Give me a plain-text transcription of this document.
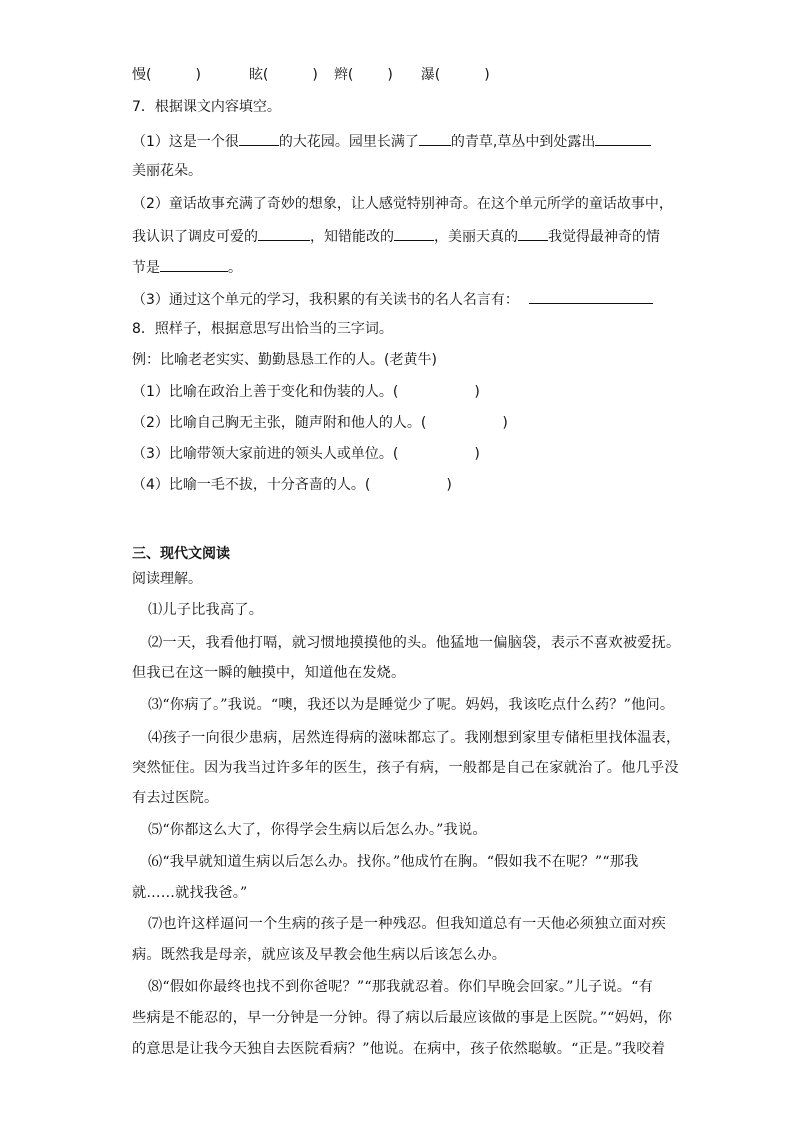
慢(	)	眩(	) 辫( ) 瀑(	)
7．根据课文内容填空。
（1）这是一个很	的大花园。园里长满了 的青草,草丛中到处露出
美丽花朵。
（2）童话故事充满了奇妙的想象，让人感觉特别神奇。在这个单元所学的童话故事中，
我认识了调皮可爱的	，知错能改的	，美丽天真的 我觉得最神奇的情
节是	。
（3）通过这个单元的学习，我积累的有关读书的名人名言有：
8．照样子，根据意思写出恰当的三字词。
例：比喻老老实实、勤勤恳恳工作的人。(老黄牛)
（1）比喻在政治上善于变化和伪装的人。(	)
（2）比喻自己胸无主张，随声附和他人的人。(	)
（3）比喻带领大家前进的领头人或单位。(	)
（4）比喻一毛不拔，十分吝啬的人。(	)
三、现代文阅读
阅读理解。
⑴儿子比我高了。
⑵一天，我看他打嗝，就习惯地摸摸他的头。他猛地一偏脑袋，表示不喜欢被爱抚。
但我已在这一瞬的触摸中，知道他在发烧。
⑶“你病了。”我说。“噢，我还以为是睡觉少了呢。妈妈，我该吃点什么药？”他问。
⑷孩子一向很少患病，居然连得病的滋味都忘了。我刚想到家里专储柜里找体温表，
突然怔住。因为我当过许多年的医生，孩子有病，一般都是自己在家就治了。他几乎没
有去过医院。
⑸“你都这么大了，你得学会生病以后怎么办。”我说。
⑹“我早就知道生病以后怎么办。找你。”他成竹在胸。“假如我不在呢？”“那我
就……就找我爸。”
⑺也许这样逼问一个生病的孩子是一种残忍。但我知道总有一天他必须独立面对疾
病。既然我是母亲，就应该及早教会他生病以后该怎么办。
⑻“假如你最终也找不到你爸呢？”“那我就忍着。你们早晚会回家。”儿子说。“有
些病是不能忍的，早一分钟是一分钟。得了病以后最应该做的事是上医院。”“妈妈，你
的意思是让我今天独自去医院看病？”他说。在病中，孩子依然聪敏。“正是。”我咬着
